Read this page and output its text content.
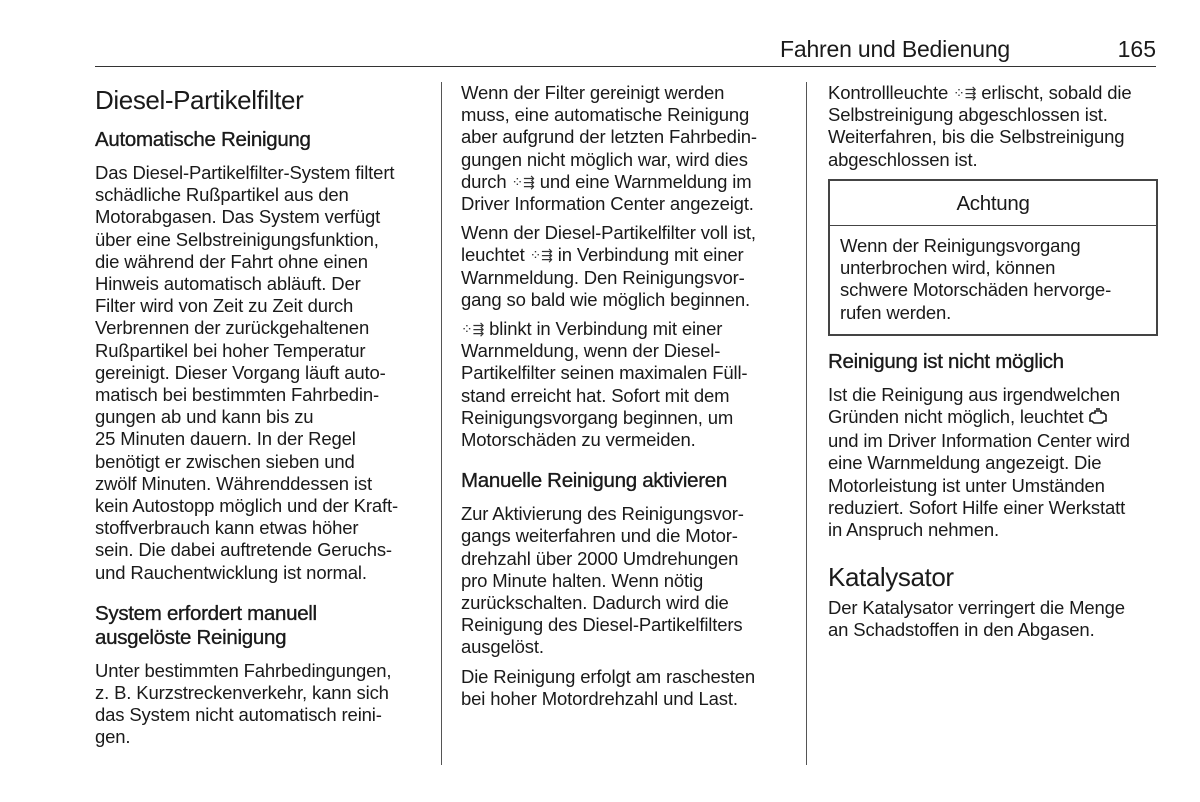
Fahren und Bedienung	165
Diesel-Partikelfilter
Automatische Reinigung

Das Diesel-Partikelfilter-System filtert
schädliche Rußpartikel aus den
Motorabgasen. Das System verfügt
über eine Selbstreinigungsfunktion,
die während der Fahrt ohne einen
Hinweis automatisch abläuft. Der
Filter wird von Zeit zu Zeit durch
Verbrennen der zurückgehaltenen
Rußpartikel bei hoher Temperatur
gereinigt. Dieser Vorgang läuft auto-
matisch bei bestimmten Fahrbedin-
gungen ab und kann bis zu
25 Minuten dauern. In der Regel
benötigt er zwischen sieben und
zwölf Minuten. Währenddessen ist
kein Autostopp möglich und der Kraft-
stoffverbrauch kann etwas höher
sein. Die dabei auftretende Geruchs-
und Rauchentwicklung ist normal.

System erfordert manuell
ausgelöste Reinigung

Unter bestimmten Fahrbedingungen,
z. B. Kurzstreckenverkehr, kann sich
das System nicht automatisch reini-
gen.

Wenn der Filter gereinigt werden
muss, eine automatische Reinigung
aber aufgrund der letzten Fahrbedin-
gungen nicht möglich war, wird dies
durch ⁘⇶ und eine Warnmeldung im
Driver Information Center angezeigt.

Wenn der Diesel-Partikelfilter voll ist,
leuchtet ⁘⇶ in Verbindung mit einer
Warnmeldung. Den Reinigungsvor-
gang so bald wie möglich beginnen.

⁘⇶ blinkt in Verbindung mit einer
Warnmeldung, wenn der Diesel-
Partikelfilter seinen maximalen Füll-
stand erreicht hat. Sofort mit dem
Reinigungsvorgang beginnen, um
Motorschäden zu vermeiden.

Manuelle Reinigung aktivieren

Zur Aktivierung des Reinigungsvor-
gangs weiterfahren und die Motor-
drehzahl über 2000 Umdrehungen
pro Minute halten. Wenn nötig
zurückschalten. Dadurch wird die
Reinigung des Diesel-Partikelfilters
ausgelöst.

Die Reinigung erfolgt am raschesten
bei hoher Motordrehzahl und Last.

Kontrollleuchte ⁘⇶ erlischt, sobald die
Selbstreinigung abgeschlossen ist.
Weiterfahren, bis die Selbstreinigung
abgeschlossen ist.

Achtung
Wenn der Reinigungsvorgang
unterbrochen wird, können
schwere Motorschäden hervorge-
rufen werden.
Reinigung ist nicht möglich

Ist die Reinigung aus irgendwelchen
Gründen nicht möglich, leuchtet
und im Driver Information Center wird
eine Warnmeldung angezeigt. Die
Motorleistung ist unter Umständen
reduziert. Sofort Hilfe einer Werkstatt
in Anspruch nehmen.

Katalysator

Der Katalysator verringert die Menge
an Schadstoffen in den Abgasen.
